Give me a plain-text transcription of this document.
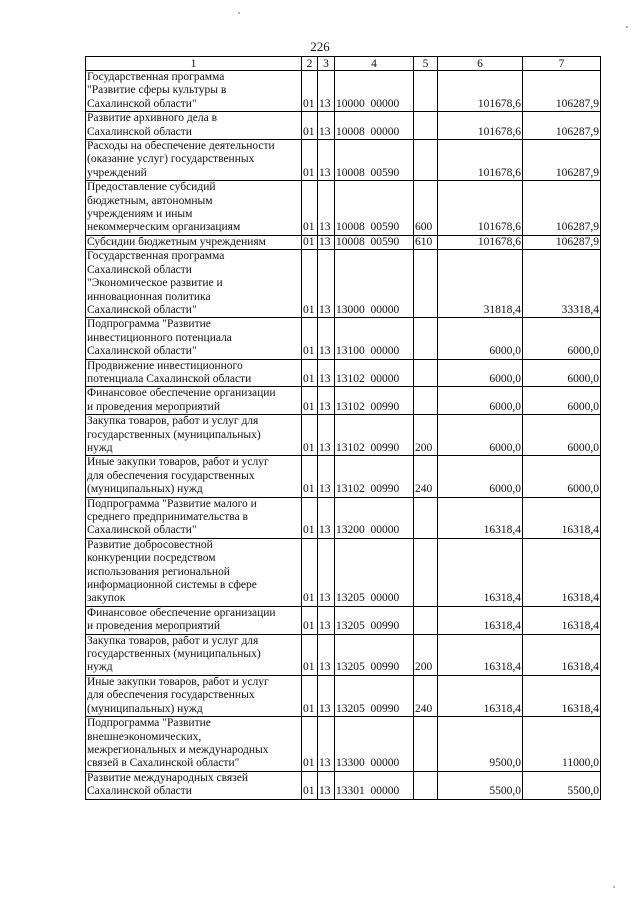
226
1	2	3	4	5	6	7
Государственная программа
"Развитие сферы культуры в
Сахалинской области"	01	13	10000  00000		101678,6	106287,9
Развитие архивного дела в
Сахалинской области	01	13	10008  00000		101678,6	106287,9
Расходы на обеспечение деятельности
(оказание услуг) государственных
учреждений	01	13	10008  00590		101678,6	106287,9
Предоставление субсидий
бюджетным, автономным
учреждениям и иным
некоммерческим организациям	01	13	10008  00590	600	101678,6	106287,9
Субсидии бюджетным учреждениям	01	13	10008  00590	610	101678,6	106287,9
Государственная программа
Сахалинской области
"Экономическое развитие и
инновационная политика
Сахалинской области"	01	13	13000  00000		31818,4	33318,4
Подпрограмма "Развитие
инвестиционного потенциала
Сахалинской области"	01	13	13100  00000		6000,0	6000,0
Продвижение инвестиционного
потенциала Сахалинской области	01	13	13102  00000		6000,0	6000,0
Финансовое обеспечение организации
и проведения мероприятий	01	13	13102  00990		6000,0	6000,0
Закупка товаров, работ и услуг для
государственных (муниципальных)
нужд	01	13	13102  00990	200	6000,0	6000,0
Иные закупки товаров, работ и услуг
для обеспечения государственных
(муниципальных) нужд	01	13	13102  00990	240	6000,0	6000,0
Подпрограмма "Развитие малого и
среднего предпринимательства в
Сахалинской области"	01	13	13200  00000		16318,4	16318,4
Развитие добросовестной
конкуренции посредством
использования региональной
информационной системы в сфере
закупок	01	13	13205  00000		16318,4	16318,4
Финансовое обеспечение организации
и проведения мероприятий	01	13	13205  00990		16318,4	16318,4
Закупка товаров, работ и услуг для
государственных (муниципальных)
нужд	01	13	13205  00990	200	16318,4	16318,4
Иные закупки товаров, работ и услуг
для обеспечения государственных
(муниципальных) нужд	01	13	13205  00990	240	16318,4	16318,4
Подпрограмма "Развитие
внешнеэкономических,
межрегиональных и международных
связей в Сахалинской области"	01	13	13300  00000		9500,0	11000,0
Развитие международных связей
Сахалинской области	01	13	13301  00000		5500,0	5500,0
